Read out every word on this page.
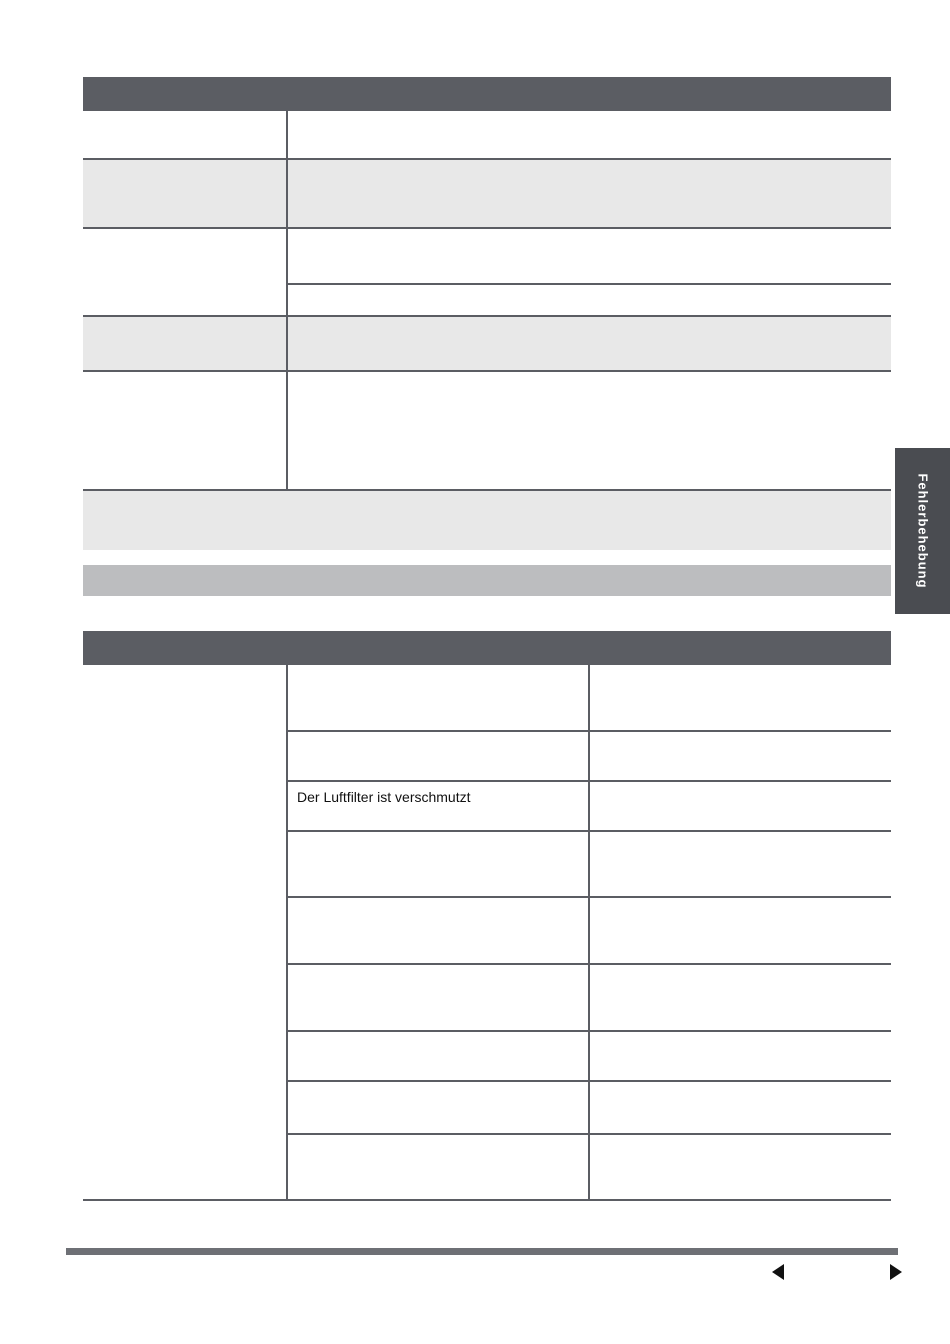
Fehlerbehebung
Der Luftfilter ist verschmutzt
